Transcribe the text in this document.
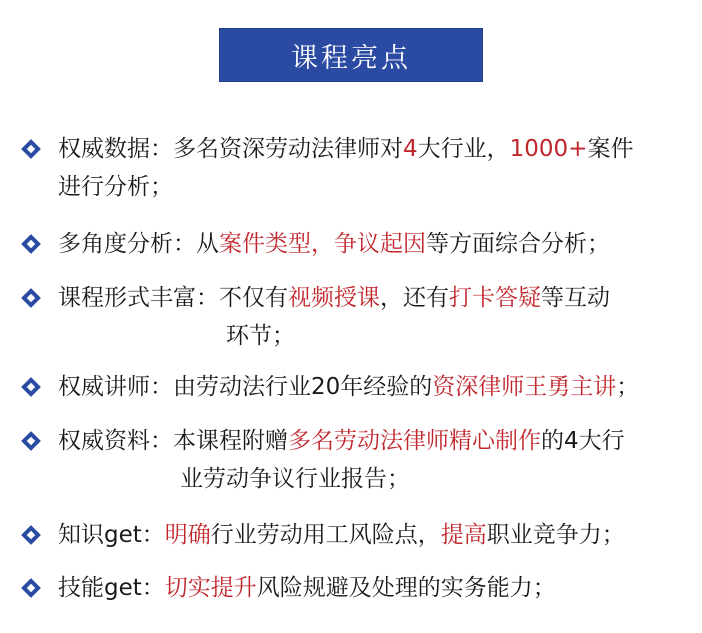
课程亮点
权威数据：多名资深劳动法律师对4大行业，1000+案件
进行分析；
多角度分析：从案件类型，争议起因等方面综合分析；
课程形式丰富：不仅有视频授课，还有打卡答疑等互动
环节；
权威讲师：由劳动法行业20年经验的资深律师王勇主讲；
权威资料：本课程附赠多名劳动法律师精心制作的4大行
业劳动争议行业报告；
知识get：明确行业劳动用工风险点，提高职业竞争力；
技能get：切实提升风险规避及处理的实务能力；
